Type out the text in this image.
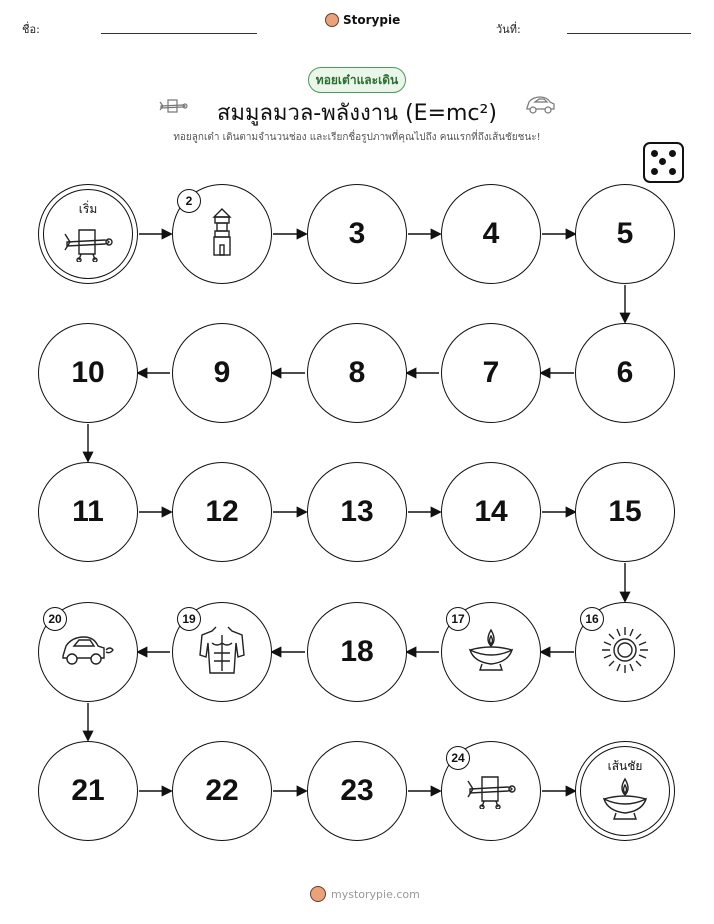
ชื่อ:
Storypie
วันที่:
ทอยเต๋าและเดิน
สมมูลมวล-พลังงาน (E=mc²)
ทอยลูกเต๋า เดินตามจำนวนช่อง และเรียกชื่อรูปภาพที่คุณไปถึง คนแรกที่ถึงเส้นชัยชนะ!
เริ่ม
2
3	4	5
6
7
8
9
10
11	12	13	14	15
16
17
18
19
20
21	22	23
24
เส้นชัย
mystorypie.com
